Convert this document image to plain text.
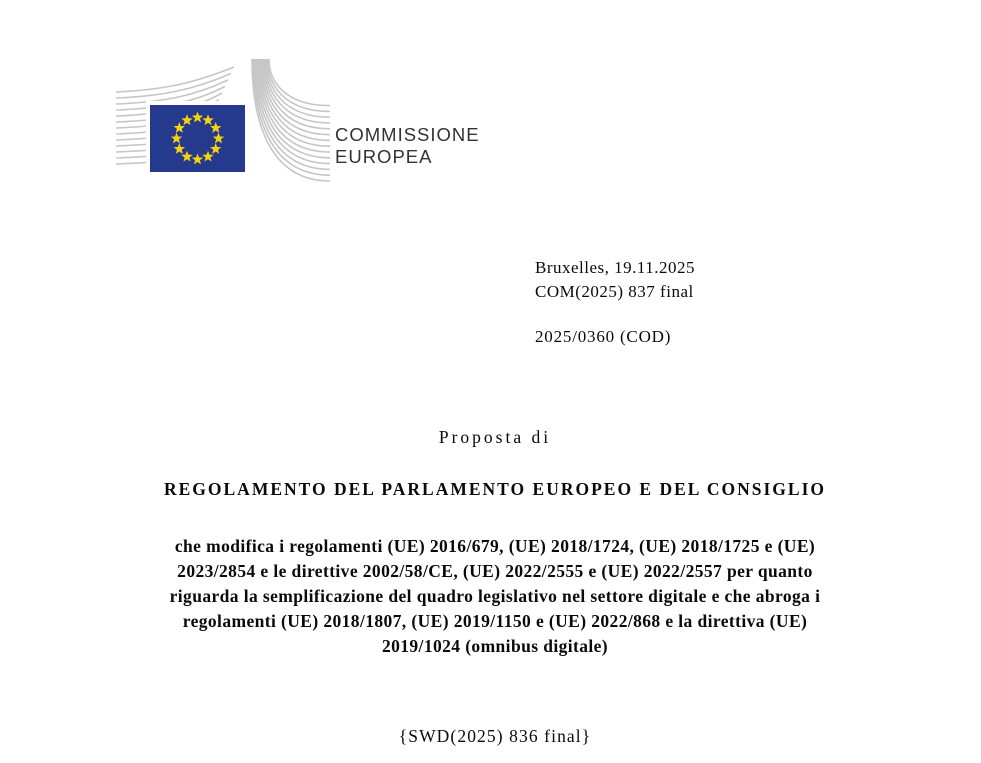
COMMISSIONE
EUROPEA
Bruxelles, 19.11.2025
COM(2025) 837 final
2025/0360 (COD)
Proposta di
REGOLAMENTO DEL PARLAMENTO EUROPEO E DEL CONSIGLIO
che modifica i regolamenti (UE) 2016/679, (UE) 2018/1724, (UE) 2018/1725 e (UE)
2023/2854 e le direttive 2002/58/CE, (UE) 2022/2555 e (UE) 2022/2557 per quanto
riguarda la semplificazione del quadro legislativo nel settore digitale e che abroga i
regolamenti (UE) 2018/1807, (UE) 2019/1150 e (UE) 2022/868 e la direttiva (UE)
2019/1024 (omnibus digitale)
{SWD(2025) 836 final}
